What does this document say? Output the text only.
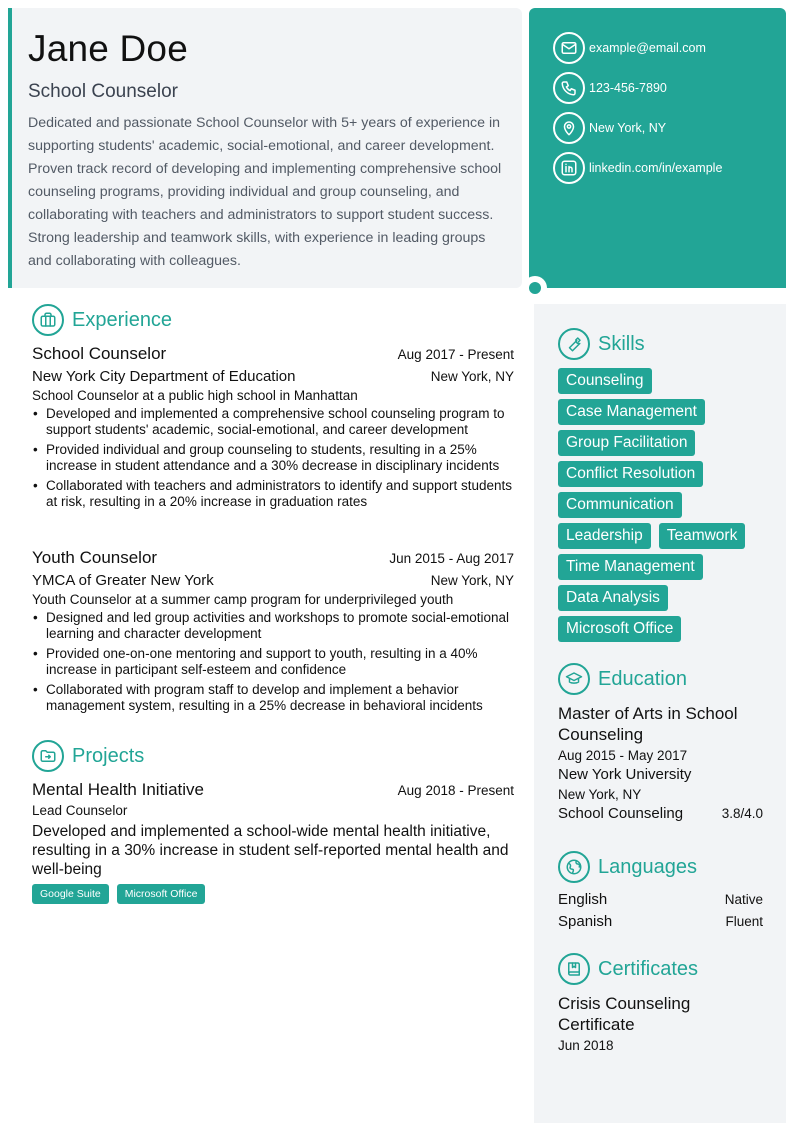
Jane Doe
School Counselor
Dedicated and passionate School Counselor with 5+ years of experience in supporting students' academic, social-emotional, and career development. Proven track record of developing and implementing comprehensive school counseling programs, providing individual and group counseling, and collaborating with teachers and administrators to support student success. Strong leadership and teamwork skills, with experience in leading groups and collaborating with colleagues.
example@email.com
123-456-7890
New York, NY
linkedin.com/in/example
Experience
School Counselor	Aug 2017 - Present
New York City Department of Education	New York, NY
School Counselor at a public high school in Manhattan
• Developed and implemented a comprehensive school counseling program to support students' academic, social-emotional, and career development
• Provided individual and group counseling to students, resulting in a 25% increase in student attendance and a 30% decrease in disciplinary incidents
• Collaborated with teachers and administrators to identify and support students at risk, resulting in a 20% increase in graduation rates
Youth Counselor	Jun 2015 - Aug 2017
YMCA of Greater New York	New York, NY
Youth Counselor at a summer camp program for underprivileged youth
• Designed and led group activities and workshops to promote social-emotional learning and character development
• Provided one-on-one mentoring and support to youth, resulting in a 40% increase in participant self-esteem and confidence
• Collaborated with program staff to develop and implement a behavior management system, resulting in a 25% decrease in behavioral incidents
Projects
Mental Health Initiative	Aug 2018 - Present
Lead Counselor
Developed and implemented a school-wide mental health initiative, resulting in a 30% increase in student self-reported mental health and well-being
Google Suite	Microsoft Office
Skills
Counseling
Case Management
Group Facilitation
Conflict Resolution
Communication
Leadership	Teamwork
Time Management
Data Analysis
Microsoft Office
Education
Master of Arts in School Counseling
Aug 2015 - May 2017
New York University
New York, NY
School Counseling	3.8/4.0
Languages
English	Native
Spanish	Fluent
Certificates
Crisis Counseling Certificate
Jun 2018
